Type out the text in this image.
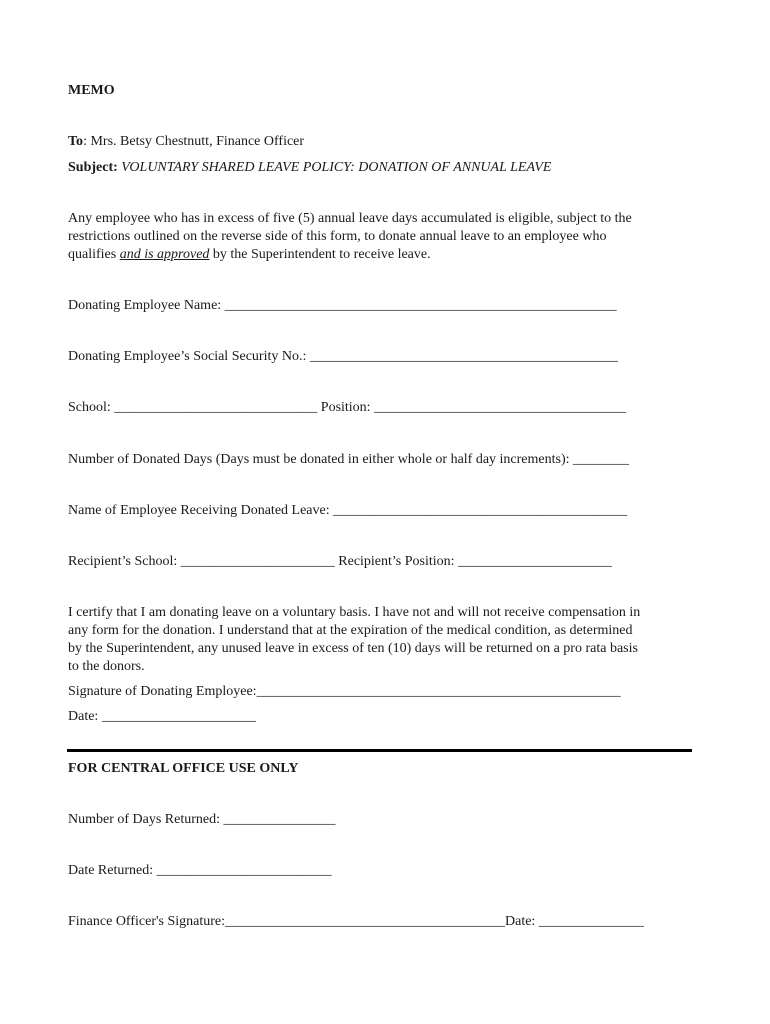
MEMO
To: Mrs. Betsy Chestnutt, Finance Officer
Subject: VOLUNTARY SHARED LEAVE POLICY: DONATION OF ANNUAL LEAVE
Any employee who has in excess of five (5) annual leave days accumulated is eligible, subject to the
restrictions outlined on the reverse side of this form, to donate annual leave to an employee who
qualifies and is approved by the Superintendent to receive leave.
Donating Employee Name: ________________________________________________________
Donating Employee’s Social Security No.: ____________________________________________
School: _____________________________ Position: ____________________________________
Number of Donated Days (Days must be donated in either whole or half day increments): ________
Name of Employee Receiving Donated Leave: __________________________________________
Recipient’s School: ______________________ Recipient’s Position: ______________________
I certify that I am donating leave on a voluntary basis. I have not and will not receive compensation in
any form for the donation. I understand that at the expiration of the medical condition, as determined
by the Superintendent, any unused leave in excess of ten (10) days will be returned on a pro rata basis
to the donors.
Signature of Donating Employee:____________________________________________________
Date: ______________________
FOR CENTRAL OFFICE USE ONLY
Number of Days Returned: ________________
Date Returned: _________________________
Finance Officer's Signature:________________________________________Date: _______________
